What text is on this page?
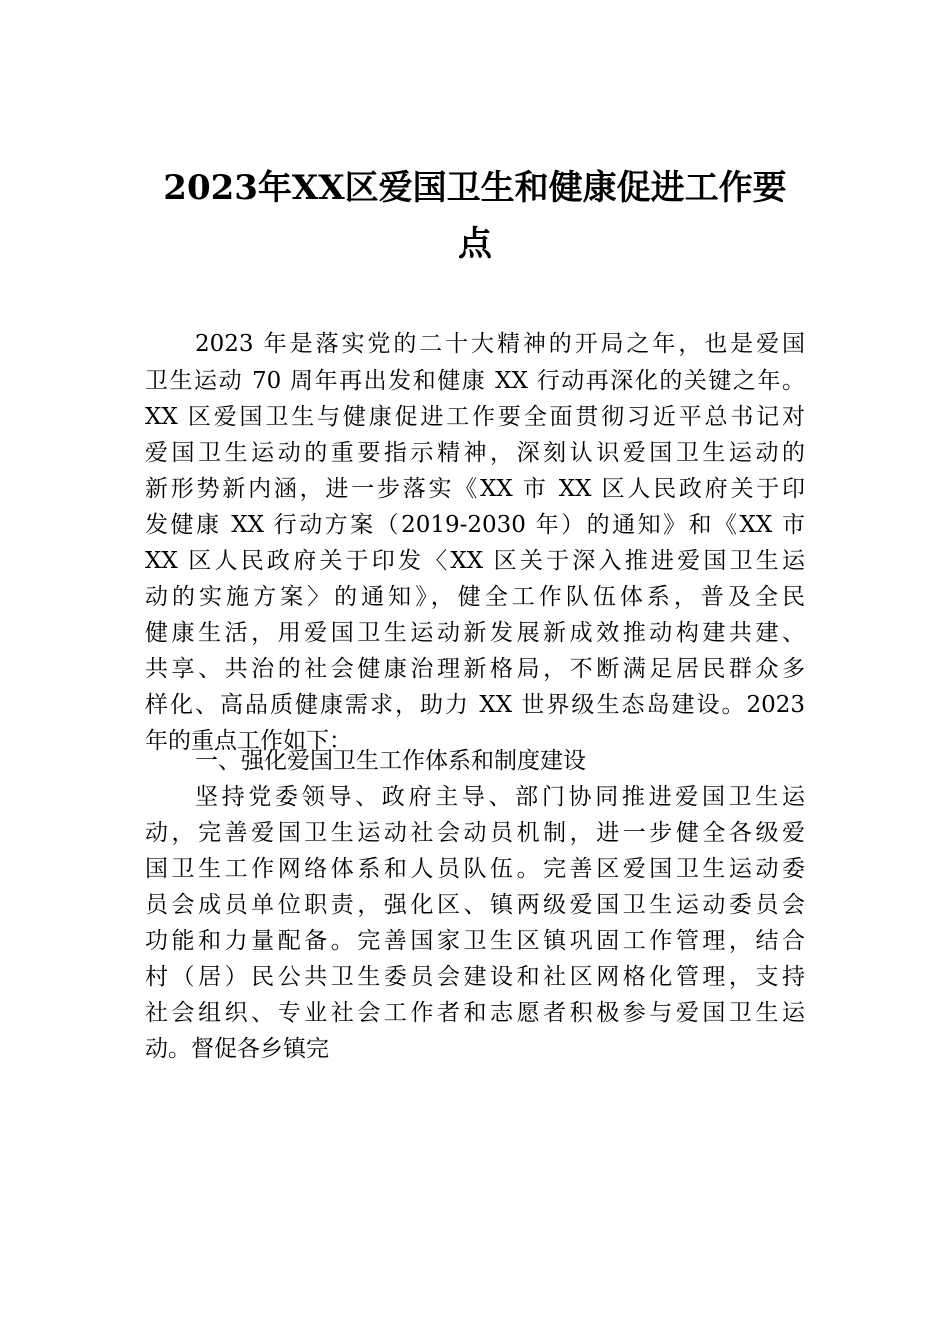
2023年XX区爱国卫生和健康促进工作要
点

2023 年是落实党的二十大精神的开局之年，也是爱国

卫生运动 70 周年再出发和健康 XX 行动再深化的关键之年。

XX 区爱国卫生与健康促进工作要全面贯彻习近平总书记对

爱国卫生运动的重要指示精神，深刻认识爱国卫生运动的

新形势新内涵，进一步落实《XX 市 XX 区人民政府关于印

发健康 XX 行动方案（2019-2030 年）的通知》和《XX 市

XX 区人民政府关于印发〈XX 区关于深入推进爱国卫生运

动的实施方案〉的通知》，健全工作队伍体系，普及全民

健康生活，用爱国卫生运动新发展新成效推动构建共建、

共享、共治的社会健康治理新格局，不断满足居民群众多

样化、高品质健康需求，助力 XX 世界级生态岛建设。2023

年的重点工作如下：

一、强化爱国卫生工作体系和制度建设

坚持党委领导、政府主导、部门协同推进爱国卫生运

动，完善爱国卫生运动社会动员机制，进一步健全各级爱

国卫生工作网络体系和人员队伍。完善区爱国卫生运动委

员会成员单位职责，强化区、镇两级爱国卫生运动委员会

功能和力量配备。完善国家卫生区镇巩固工作管理，结合

村（居）民公共卫生委员会建设和社区网格化管理，支持

社会组织、专业社会工作者和志愿者积极参与爱国卫生运

动。督促各乡镇完
